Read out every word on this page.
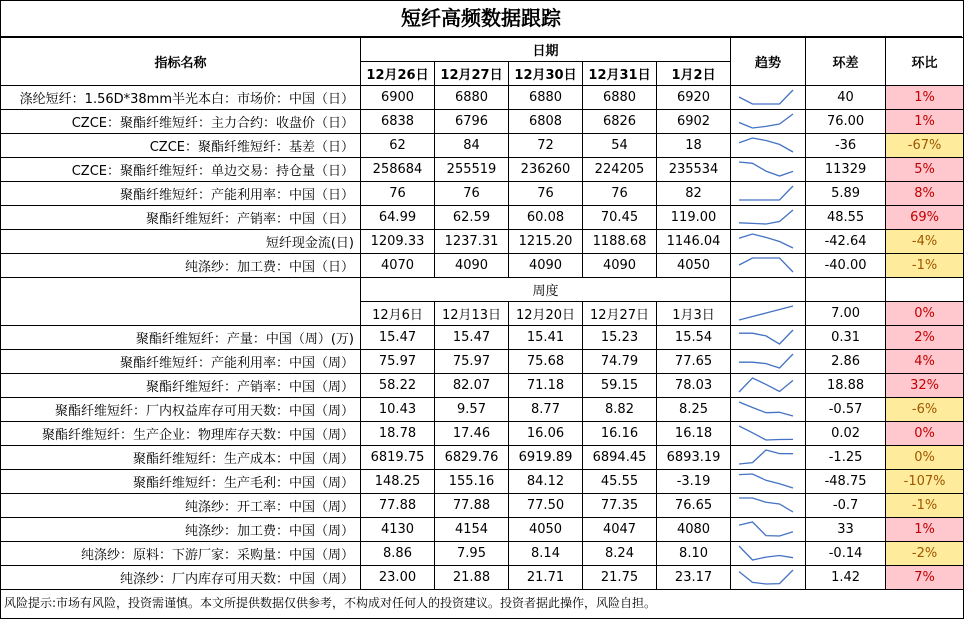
短纤高频数据跟踪
指标名称	日期					趋势	环差	环比
	12月26日	12月27日	12月30日	12月31日	1月2日			
涤纶短纤：1.56D*38mm半光本白：市场价：中国（日）	6900	6880	6880	6880	6920		40	1%
CZCE：聚酯纤维短纤：主力合约：收盘价（日）	6838	6796	6808	6826	6902		76.00	1%
CZCE：聚酯纤维短纤：基差（日）	62	84	72	54	18		-36	-67%
CZCE：聚酯纤维短纤：单边交易：持仓量（日）	258684	255519	236260	224205	235534		11329	5%
聚酯纤维短纤：产能利用率：中国（日）	76	76	76	76	82		5.89	8%
聚酯纤维短纤：产销率：中国（日）	64.99	62.59	60.08	70.45	119.00		48.55	69%
短纤现金流(日)	1209.33	1237.31	1215.20	1188.68	1146.04		-42.64	-4%
纯涤纱：加工费：中国（日）	4070	4090	4090	4090	4050		-40.00	-1%
	周度							
	12月6日	12月13日	12月20日	12月27日	1月3日		7.00	0%
聚酯纤维短纤：产量：中国（周）(万)	15.47	15.47	15.41	15.23	15.54		0.31	2%
聚酯纤维短纤：产能利用率：中国（周）	75.97	75.97	75.68	74.79	77.65		2.86	4%
聚酯纤维短纤：产销率：中国（周）	58.22	82.07	71.18	59.15	78.03		18.88	32%
聚酯纤维短纤：厂内权益库存可用天数：中国（周）	10.43	9.57	8.77	8.82	8.25		-0.57	-6%
聚酯纤维短纤：生产企业：物理库存天数：中国（周）	18.78	17.46	16.06	16.16	16.18		0.02	0%
聚酯纤维短纤：生产成本：中国（周）	6819.75	6829.76	6919.89	6894.45	6893.19		-1.25	0%
聚酯纤维短纤：生产毛利：中国（周）	148.25	155.16	84.12	45.55	-3.19		-48.75	-107%
纯涤纱：开工率：中国（周）	77.88	77.88	77.50	77.35	76.65		-0.7	-1%
纯涤纱：加工费：中国（周）	4130	4154	4050	4047	4080		33	1%
纯涤纱：原料：下游厂家：采购量：中国（周）	8.86	7.95	8.14	8.24	8.10		-0.14	-2%
纯涤纱：厂内库存可用天数：中国（周）	23.00	21.88	21.71	21.75	23.17		1.42	7%
风险提示:市场有风险，投资需谨慎。本文所提供数据仅供参考，不构成对任何人的投资建议。投资者据此操作，风险自担。
